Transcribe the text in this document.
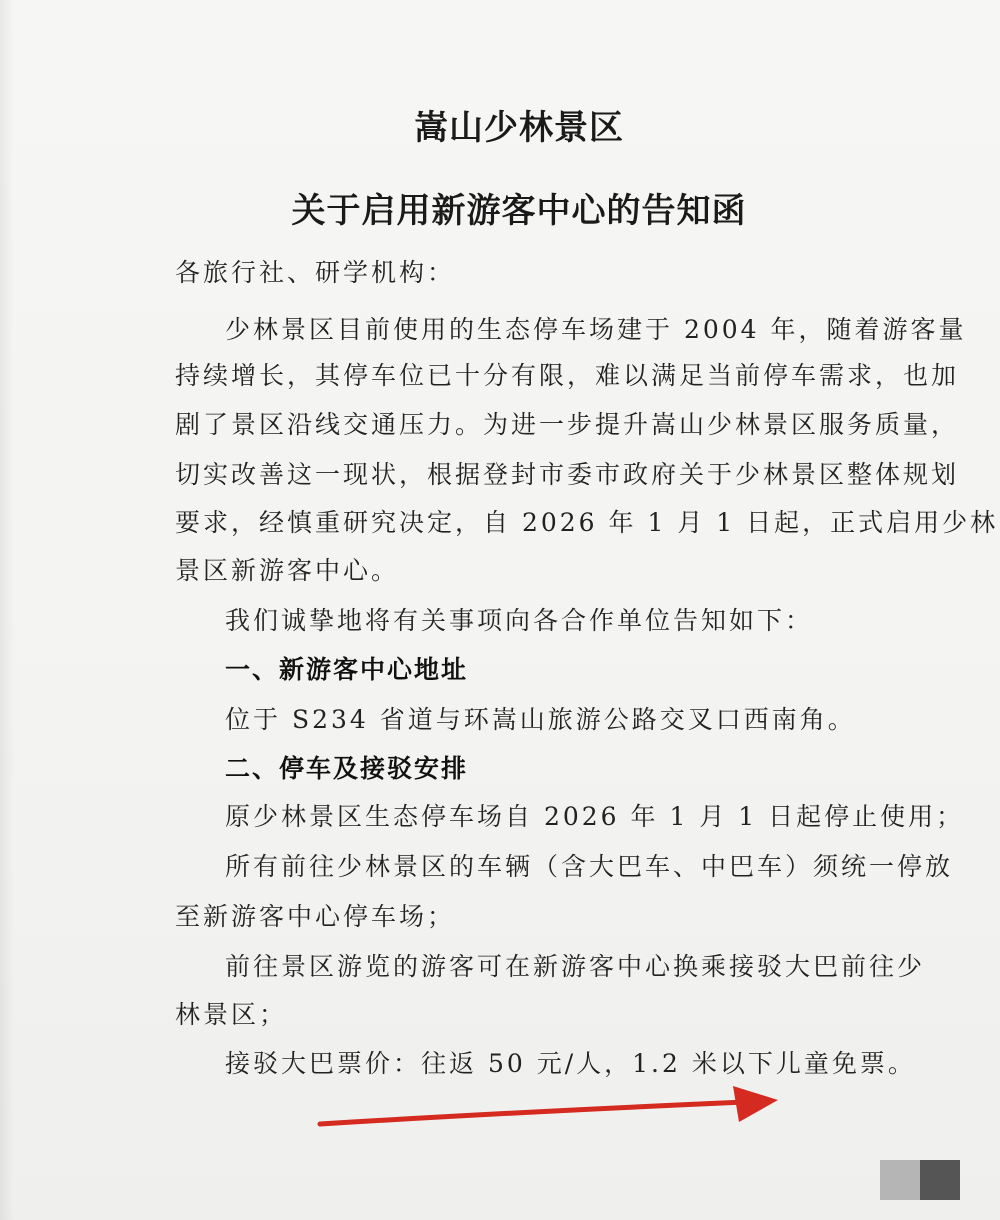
嵩山少林景区
关于启用新游客中心的告知函

各旅行社、研学机构：

少林景区目前使用的生态停车场建于 2004 年，随着游客量

持续增长，其停车位已十分有限，难以满足当前停车需求，也加

剧了景区沿线交通压力。为进一步提升嵩山少林景区服务质量，

切实改善这一现状，根据登封市委市政府关于少林景区整体规划

要求，经慎重研究决定，自 2026 年 1 月 1 日起，正式启用少林

景区新游客中心。

我们诚挚地将有关事项向各合作单位告知如下：

一、新游客中心地址

位于 S234 省道与环嵩山旅游公路交叉口西南角。

二、停车及接驳安排

原少林景区生态停车场自 2026 年 1 月 1 日起停止使用；

所有前往少林景区的车辆（含大巴车、中巴车）须统一停放

至新游客中心停车场；

前往景区游览的游客可在新游客中心换乘接驳大巴前往少

林景区；

接驳大巴票价：往返 50 元/人，1.2 米以下儿童免票。
